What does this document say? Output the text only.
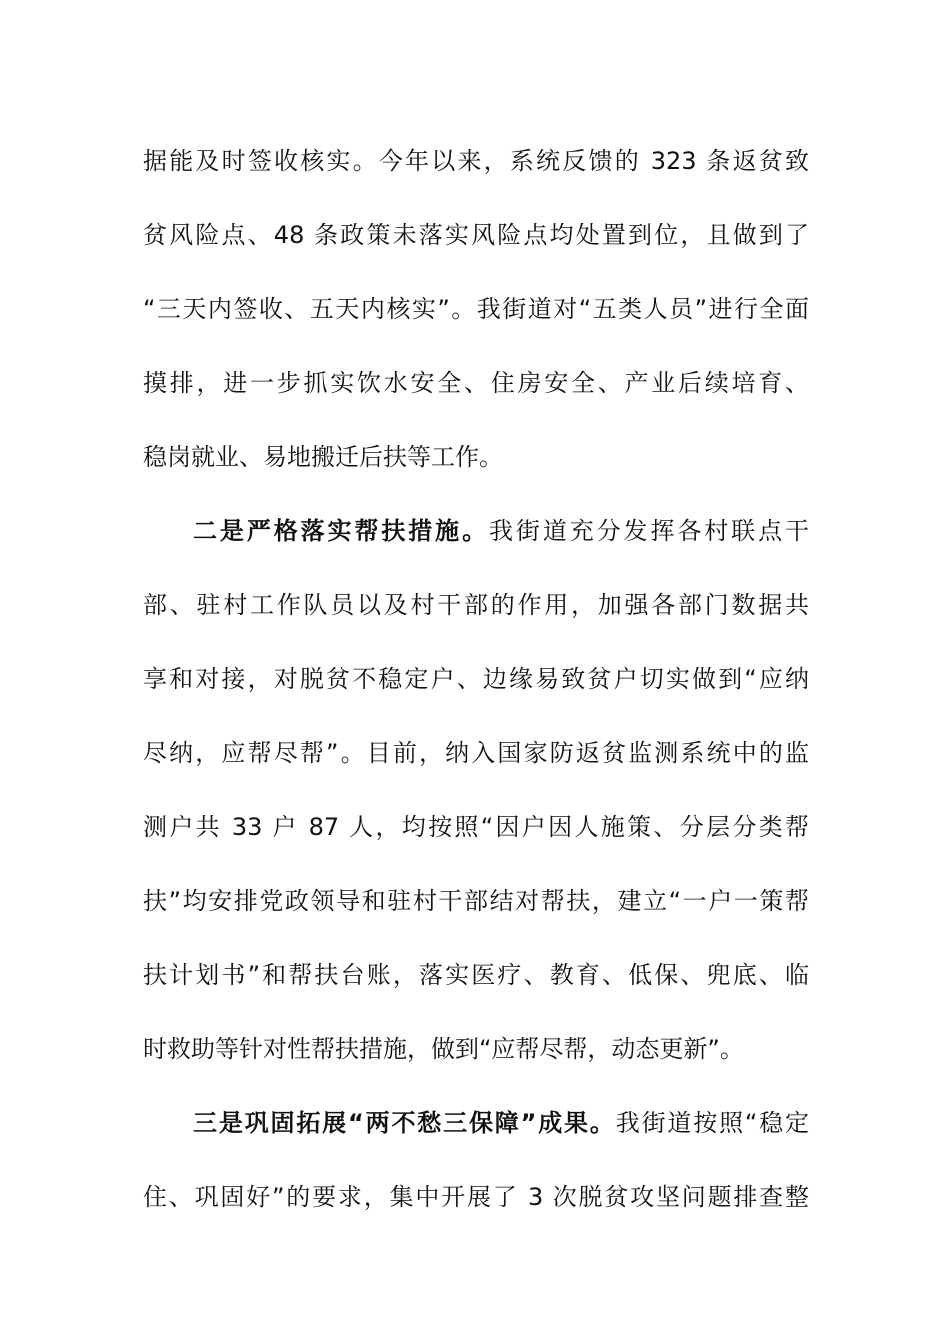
据能及时签收核实。今年以来，系统反馈的 323 条返贫致
贫风险点、48 条政策未落实风险点均处置到位，且做到了
“三天内签收、五天内核实”。我街道对“五类人员”进行全面
摸排，进一步抓实饮水安全、住房安全、产业后续培育、
稳岗就业、易地搬迁后扶等工作。
二是严格落实帮扶措施。我街道充分发挥各村联点干
部、驻村工作队员以及村干部的作用，加强各部门数据共
享和对接，对脱贫不稳定户、边缘易致贫户切实做到“应纳
尽纳，应帮尽帮”。目前，纳入国家防返贫监测系统中的监
测户共 33 户 87 人，均按照“因户因人施策、分层分类帮
扶”均安排党政领导和驻村干部结对帮扶，建立“一户一策帮
扶计划书”和帮扶台账，落实医疗、教育、低保、兜底、临
时救助等针对性帮扶措施，做到“应帮尽帮，动态更新”。
三是巩固拓展“两不愁三保障”成果。我街道按照“稳定
住、巩固好”的要求，集中开展了 3 次脱贫攻坚问题排查整
